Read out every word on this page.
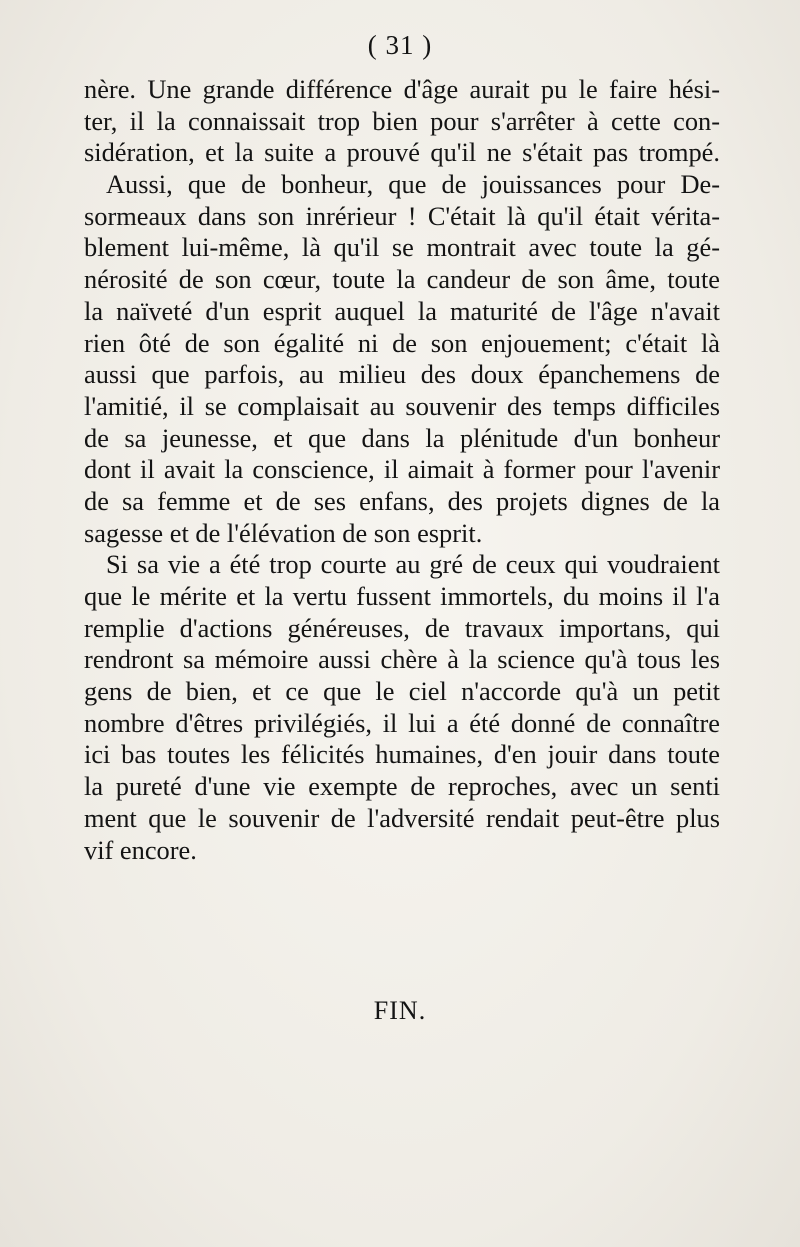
( 31 )
nère. Une grande différence d'âge aurait pu le faire hési-
ter, il la connaissait trop bien pour s'arrêter à cette con-
sidération, et la suite a prouvé qu'il ne s'était pas trompé.
Aussi, que de bonheur, que de jouissances pour De-
sormeaux dans son inrérieur ! C'était là qu'il était vérita-
blement lui-même, là qu'il se montrait avec toute la gé-
nérosité de son cœur, toute la candeur de son âme, toute
la naïveté d'un esprit auquel la maturité de l'âge n'avait
rien ôté de son égalité ni de son enjouement; c'était là
aussi que parfois, au milieu des doux épanchemens de
l'amitié, il se complaisait au souvenir des temps difficiles
de sa jeunesse, et que dans la plénitude d'un bonheur
dont il avait la conscience, il aimait à former pour l'avenir
de sa femme et de ses enfans, des projets dignes de la
sagesse et de l'élévation de son esprit.
Si sa vie a été trop courte au gré de ceux qui voudraient
que le mérite et la vertu fussent immortels, du moins il l'a
remplie d'actions généreuses, de travaux importans, qui
rendront sa mémoire aussi chère à la science qu'à tous les
gens de bien, et ce que le ciel n'accorde qu'à un petit
nombre d'êtres privilégiés, il lui a été donné de connaître
ici bas toutes les félicités humaines, d'en jouir dans toute
la pureté d'une vie exempte de reproches, avec un senti
ment que le souvenir de l'adversité rendait peut-être plus
vif encore.
FIN.
